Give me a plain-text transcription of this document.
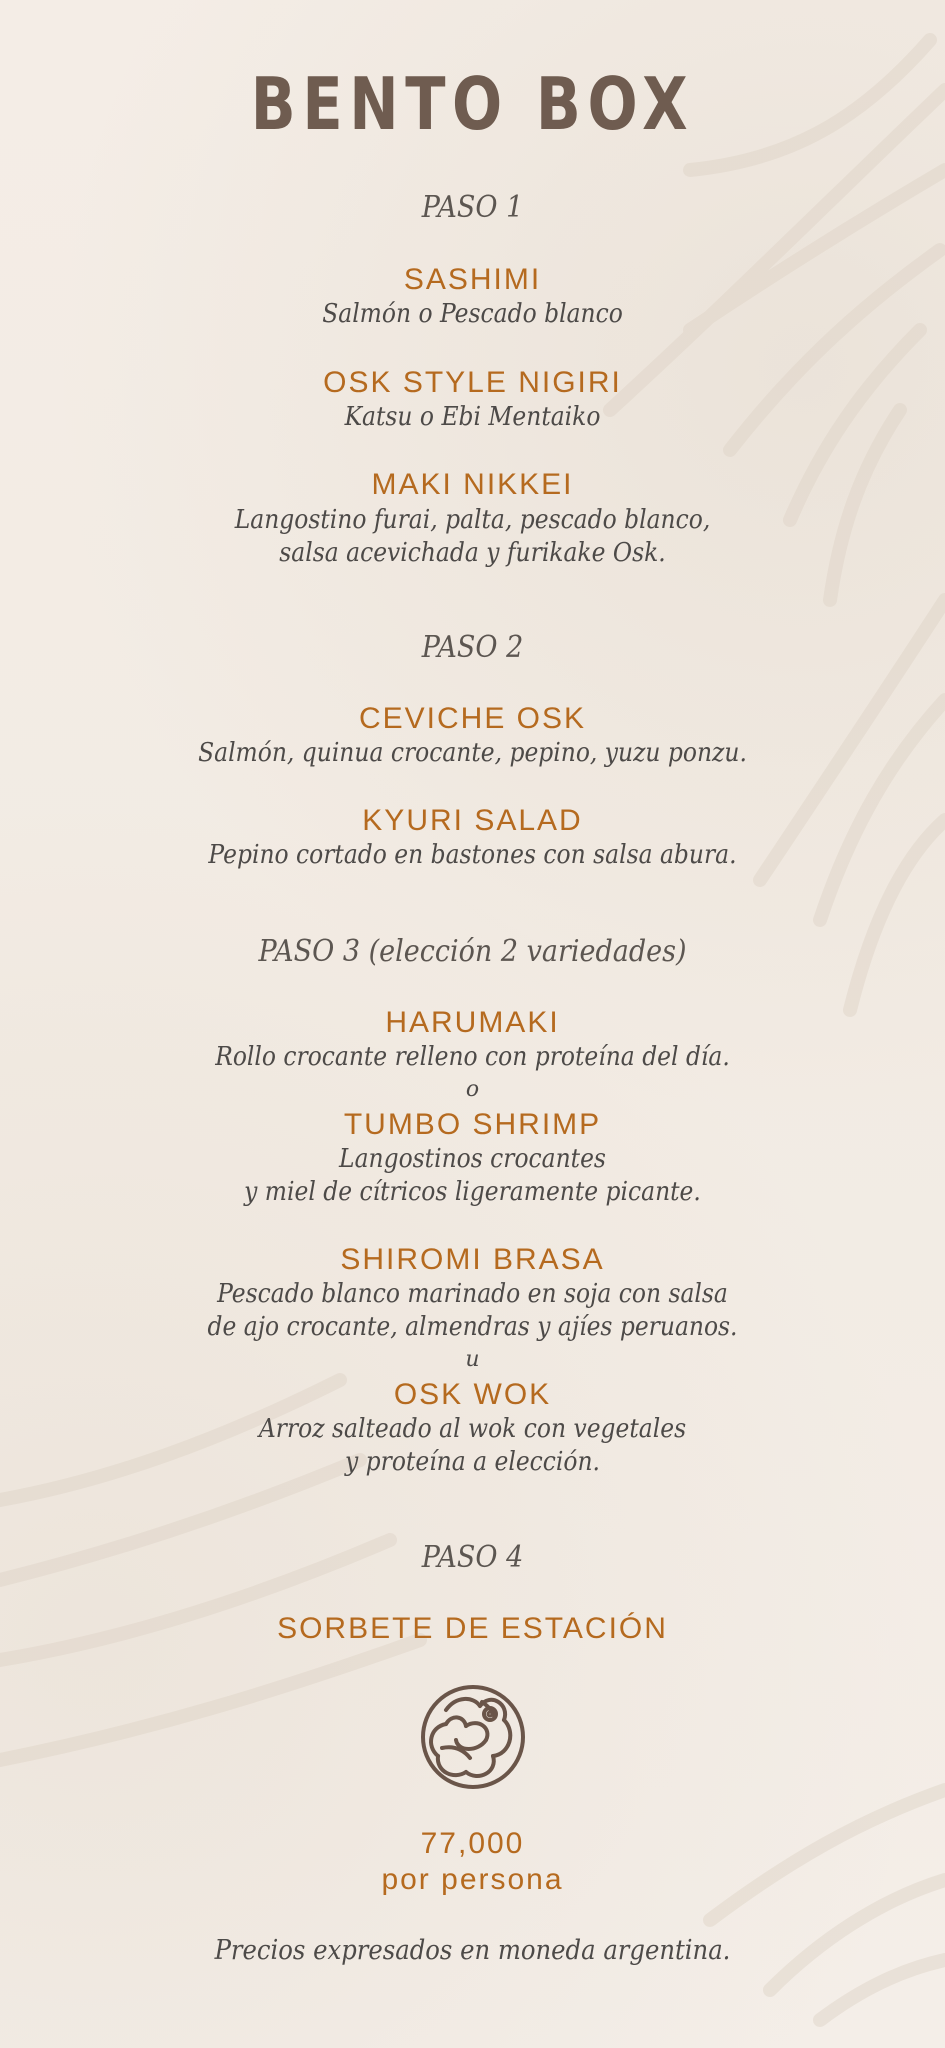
BENTO BOX
PASO 1
SASHIMI
Salmón o Pescado blanco
OSK STYLE NIGIRI
Katsu o Ebi Mentaiko
MAKI NIKKEI
Langostino furai, palta, pescado blanco,
salsa acevichada y furikake Osk.
PASO 2
CEVICHE OSK
Salmón, quinua crocante, pepino, yuzu ponzu.
KYURI SALAD
Pepino cortado en bastones con salsa abura.
PASO 3 (elección 2 variedades)
HARUMAKI
Rollo crocante relleno con proteína del día.
o
TUMBO SHRIMP
Langostinos crocantes
y miel de cítricos ligeramente picante.
SHIROMI BRASA
Pescado blanco marinado en soja con salsa
de ajo crocante, almendras y ajíes peruanos.
u
OSK WOK
Arroz salteado al wok con vegetales
y proteína a elección.
PASO 4
SORBETE DE ESTACIÓN
77,000
por persona
Precios expresados en moneda argentina.
